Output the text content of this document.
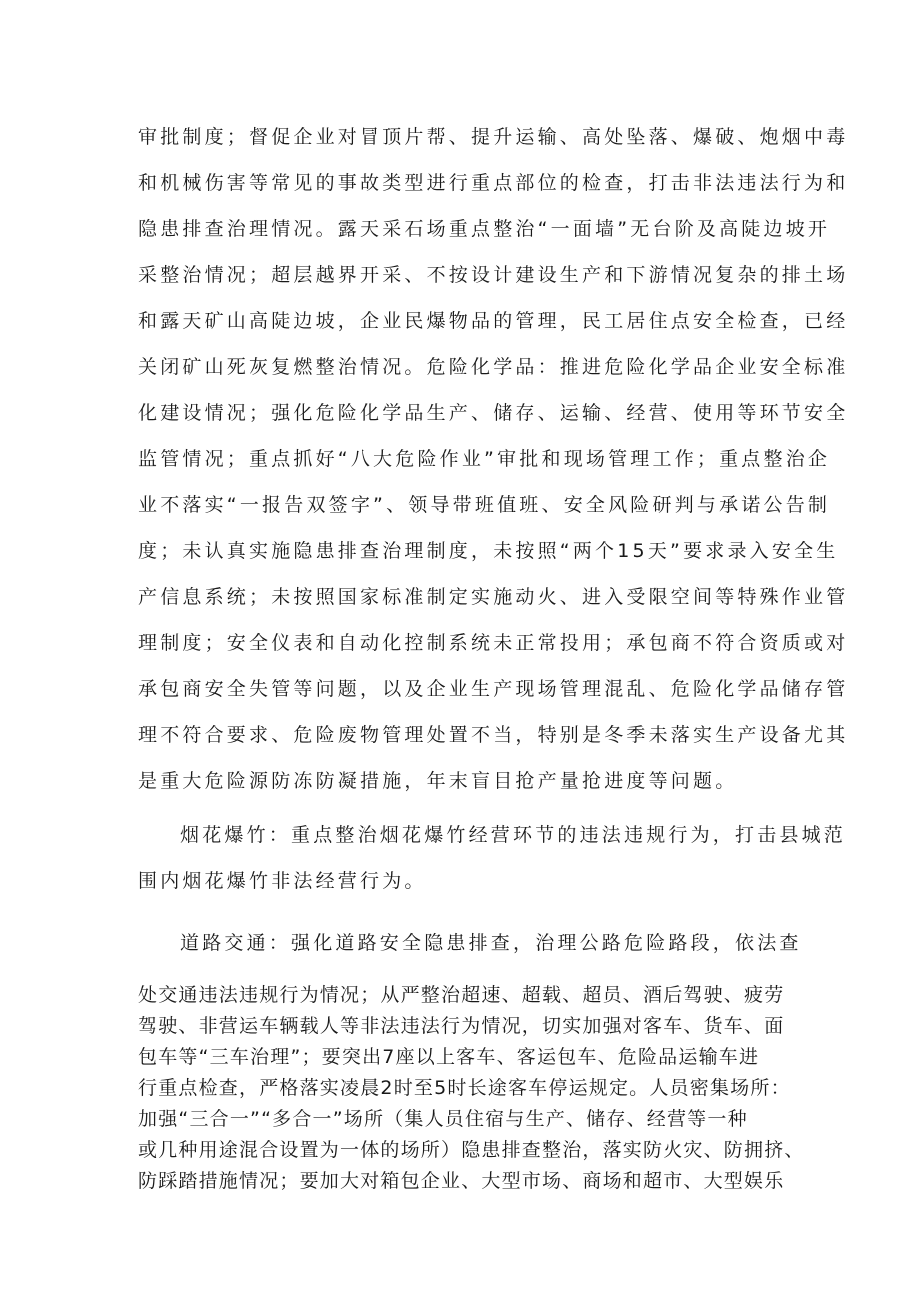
审批制度；督促企业对冒顶片帮、提升运输、高处坠落、爆破、炮烟中毒
和机械伤害等常见的事故类型进行重点部位的检查，打击非法违法行为和
隐患排查治理情况。露天采石场重点整治“一面墙”无台阶及高陡边坡开
采整治情况；超层越界开采、不按设计建设生产和下游情况复杂的排土场
和露天矿山高陡边坡，企业民爆物品的管理，民工居住点安全检查，已经
关闭矿山死灰复燃整治情况。危险化学品：推进危险化学品企业安全标准
化建设情况；强化危险化学品生产、储存、运输、经营、使用等环节安全
监管情况；重点抓好“八大危险作业”审批和现场管理工作；重点整治企
业不落实“一报告双签字”、领导带班值班、安全风险研判与承诺公告制
度；未认真实施隐患排查治理制度，未按照“两个15天”要求录入安全生
产信息系统；未按照国家标准制定实施动火、进入受限空间等特殊作业管
理制度；安全仪表和自动化控制系统未正常投用；承包商不符合资质或对
承包商安全失管等问题，以及企业生产现场管理混乱、危险化学品储存管
理不符合要求、危险废物管理处置不当，特别是冬季未落实生产设备尤其
是重大危险源防冻防凝措施，年末盲目抢产量抢进度等问题。
烟花爆竹：重点整治烟花爆竹经营环节的违法违规行为，打击县城范
围内烟花爆竹非法经营行为。
道路交通：强化道路安全隐患排查，治理公路危险路段，依法查
处交通违法违规行为情况；从严整治超速、超载、超员、酒后驾驶、疲劳
驾驶、非营运车辆载人等非法违法行为情况，切实加强对客车、货车、面
包车等“三车治理”；要突出7座以上客车、客运包车、危险品运输车进
行重点检查，严格落实凌晨2时至5时长途客车停运规定。人员密集场所：
加强“三合一”“多合一”场所（集人员住宿与生产、储存、经营等一种
或几种用途混合设置为一体的场所）隐患排查整治，落实防火灾、防拥挤、
防踩踏措施情况；要加大对箱包企业、大型市场、商场和超市、大型娱乐
